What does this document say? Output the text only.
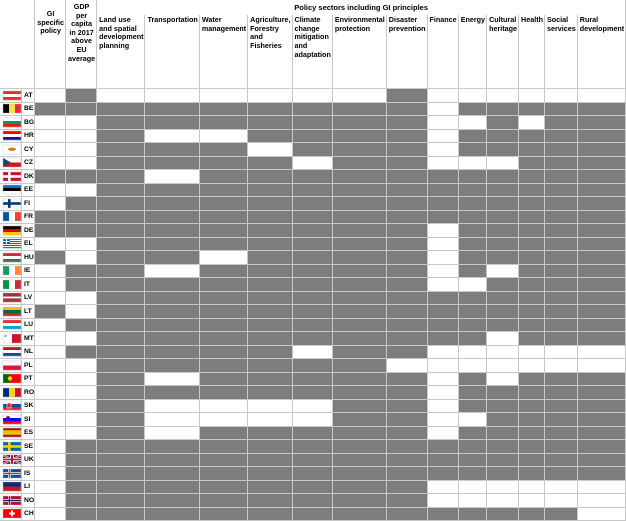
		GI specific policy	GDP per capita in 2017 above EU average	Policy sectors including GI principles												
				Land use and spatial development planning	Transportation	Water management	Agriculture, Forestry and Fisheries	Climate change mitigation and adaptation	Environmental protection	Disaster prevention	Finance	Energy	Cultural heritage	Health	Social services	Rural development

	AT															

	BE															

	BG															

	HR															

	CY															

	CZ															

	DK															

	EE															

	FI															

	FR															

	DE															

	EL															

	HU															

	IE															

	IT															

	LV															

	LT															

	LU															

	MT															

	NL															

	PL															

	PT															

	RO															

	SK															

	SI															

	ES															

	SE															

	UK															

	IS															

	LI															

	NO															

	CH															
